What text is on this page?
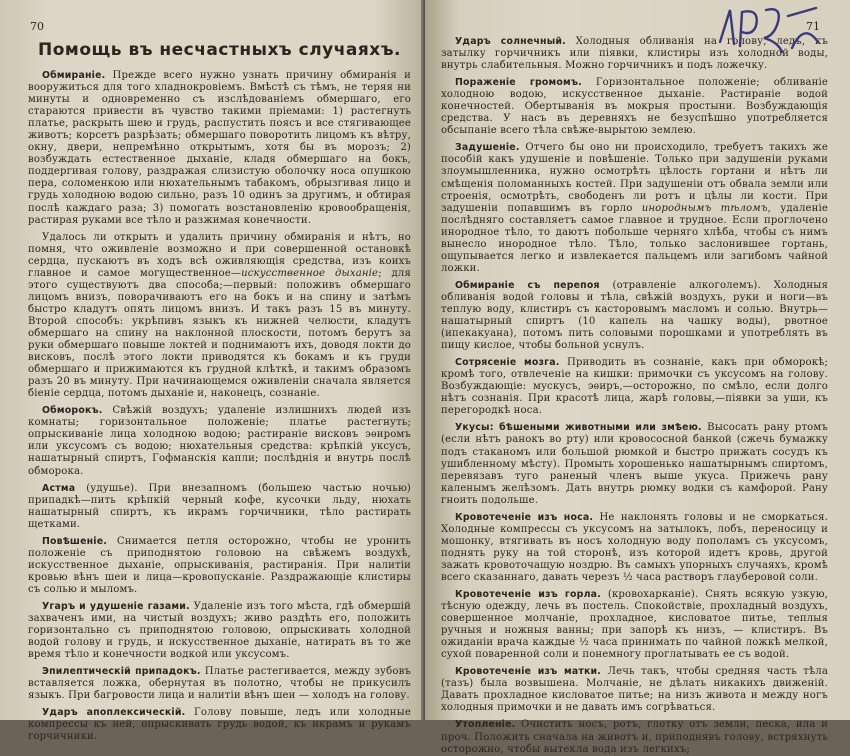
70
Помощь въ несчастныхъ случаяхъ.

Обмираніе. Прежде всего нужно узнать причину обмиранія и вооружиться для того хладнокровіемъ. Вмѣстѣ съ тѣмъ, не теряя ни минуты и одновременно съ изслѣдованіемъ обмершаго, его стараются привести въ чувство такими пріемами: 1) растегнуть платье, раскрыть шею и грудь, распустить поясъ и все стягивающее животъ; корсетъ разрѣзать; обмершаго поворотить лицомъ къ вѣтру, окну, двери, непремѣнно открытымъ, хотя бы въ морозъ; 2) возбуждать естественное дыханіе, кладя обмершаго на бокъ, поддергивая голову, раздражая слизистую оболочку носа опушкою пера, соломенкою или нюхательнымъ табакомъ, обрызгивая лицо и грудь холодною водою сильно, разъ 10 одинъ за другимъ, и обтирая послѣ каждаго раза; 3) помогать возстановленію кровообращенія, растирая руками все тѣло и разжимая конечности.

Удалось ли открыть и удалить причину обмиранія и нѣтъ, но помня, что оживленіе возможно и при совершенной остановкѣ сердца, пускаютъ въ ходъ всѣ оживляющія средства, изъ коихъ главное и самое могущественное—искусственное дыханіе; для этого существуютъ два способа;—первый: положивъ обмершаго лицомъ внизъ, поворачиваютъ его на бокъ и на спину и затѣмъ быстро кладутъ опять лицомъ внизъ. И такъ разъ 15 въ минуту. Второй способъ: укрѣпивъ языкъ къ нижней челюсти, кладутъ обмершаго на спину на наклонной плоскости, потомъ берутъ за руки обмершаго повыше локтей и поднимаютъ ихъ, доводя локти до висковъ, послѣ этого локти приводятся къ бокамъ и къ груди обмершаго и прижимаются къ грудной клѣткѣ, и такимъ образомъ разъ 20 въ минуту. При начинающемся оживленіи сначала является біеніе сердца, потомъ дыханіе и, наконецъ, сознаніе.

Обморокъ. Свѣжій воздухъ; удаленіе излишнихъ людей изъ комнаты; горизонтальное положеніе; платье растегнуть; опрыскиваніе лица холодною водою; растираніе висковъ эѳиромъ или уксусомъ съ водою; нюхательныя средства: крѣпкій уксусъ, нашатырный спиртъ, Гофманскія капли; послѣднія и внутрь послѣ обморока.

Астма (удушье). При внезапномъ (большею частью ночью) припадкѣ—пить крѣпкій черный кофе, кусочки льду, нюхать нашатырный спиртъ, къ икрамъ горчичники, тѣло растирать щетками.

Повѣшеніе. Снимается петля осторожно, чтобы не уронить положеніе съ приподнятою головою на свѣжемъ воздухѣ, искусственное дыханіе, опрыскиванія, растиранія. При налитіи кровью вѣнъ шеи и лица—кровопусканіе. Раздражающіе клистиры съ солью и мыломъ.

Угаръ и удушеніе газами. Удаленіе изъ того мѣста, гдѣ обмершій захваченъ ими, на чистый воздухъ; живо раздѣть его, положить горизонтально съ приподнятою головою, опрыскивать холодной водой голову и грудь, и искусственное дыханіе, натирать въ то же время тѣло и конечности водкой или уксусомъ.

Эпилептическій припадокъ. Платье растегивается, между зубовъ вставляется ложка, обернутая въ полотно, чтобы не прикусилъ языкъ. При багровости лица и налитіи вѣнъ шеи — холодъ на голову.

Ударъ апоплексическій. Голову повыше, ледъ или холодные компрессы къ ней, опрыскивать грудь водой, къ икрамъ и рукамъ горчичники.

71

Ударъ солнечный. Холодныя обливанія на голову, ледъ, къ затылку горчичникъ или піявки, клистиры изъ холодной воды, внутрь слабительныя. Можно горчичникъ и подъ ложечку.

Пораженіе громомъ. Горизонтальное положеніе; обливаніе холодною водою, искусственное дыханіе. Растираніе водой конечностей. Обертыванія въ мокрыя простыни. Возбуждающія средства. У насъ въ деревняхъ не безуспѣшно употребляется обсыпаніе всего тѣла свѣже-вырытою землею.

Задушеніе. Отчего бы оно ни происходило, требуетъ такихъ же пособій какъ удушеніе и повѣшеніе. Только при задушеніи руками злоумышленника, нужно осмотрѣть цѣлость гортани и нѣтъ ли смѣщенія поломанныхъ костей. При задушеніи отъ обвала земли или строенія, осмотрѣть, свободенъ ли ротъ и цѣлы ли кости. При задушеніи попавшимъ въ горло инороднымъ тѣломъ, удаленіе послѣдняго составляетъ самое главное и трудное. Если проглочено инородное тѣло, то даютъ побольше черняго хлѣба, чтобы съ нимъ вынесло инородное тѣло. Тѣло, только заслонившее гортань, ощупывается легко и извлекается пальцемъ или загибомъ чайной ложки.

Обмираніе съ перепоя (отравленіе алкоголемъ). Холодныя обливанія водой головы и тѣла, свѣжій воздухъ, руки и ноги—въ теплую воду, клистиръ съ касторовымъ масломъ и солью. Внутрь—нашатырный спиртъ (10 капель на чашку воды), рвотное (ипекакуана), потомъ пить соловыми порошками и употреблять въ пищу кислое, чтобы больной уснулъ.

Сотрясеніе мозга. Приводить въ сознаніе, какъ при обморокѣ; кромѣ того, отвлеченіе на кишки: примочки съ уксусомъ на голову. Возбуждающіе: мускусъ, эѳиръ,—осторожно, по смѣло, если долго нѣтъ сознанія. При красотѣ лица, жарѣ головы,—піявки за уши, къ перегородкѣ носа.

Укусы: бѣшеными животными или змѣею. Высосать рану ртомъ (если нѣтъ ранокъ во рту) или кровососной банкой (сжечь бумажку подъ стаканомъ или большой рюмкой и быстро прижать сосудъ къ ушибленному мѣсту). Промыть хорошенько нашатырнымъ спиртомъ, перевязавъ туго раненый членъ выше укуса. Прижечь рану каленымъ желѣзомъ. Дать внутрь рюмку водки съ камфорой. Рану гноить подольше.

Кровотеченіе изъ носа. Не наклонять головы и не сморкаться. Холодные компрессы съ уксусомъ на затылокъ, лобъ, переносицу и мошонку, втягивать въ носъ холодную воду пополамъ съ уксусомъ, поднять руку на той сторонѣ, изъ которой идетъ кровь, другой зажать кровоточащую ноздрю. Въ самыхъ упорныхъ случаяхъ, кромѣ всего сказаннаго, давать черезъ ½ часа растворъ глауберовой соли.

Кровотеченіе изъ горла. (кровохарканіе). Снять всякую узкую, тѣсную одежду, лечь въ постель. Спокойствіе, прохладный воздухъ, совершенное молчаніе, прохладное, кисловатое питье, теплыя ручныя и ножныя ванны; при запорѣ къ низъ, — клистиръ. Въ ожиданіи врача каждые ½ часа принимать по чайной ложкѣ мелкой, сухой поваренной соли и понемногу проглатывать ее съ водой.

Кровотеченіе изъ матки. Лечь такъ, чтобы средняя часть тѣла (тазъ) была возвышена. Молчаніе, не дѣлать никакихъ движеній. Давать прохладное кисловатое питье; на низъ живота и между ногъ холодныя примочки и не давать имъ согрѣваться.

Утопленіе. Очистить носъ, ротъ, глотку отъ земли, песка, ила и проч. Положить сначала на животъ и, приподнявъ голову, встряхнуть осторожно, чтобы вытекла вода изъ легкихъ;
